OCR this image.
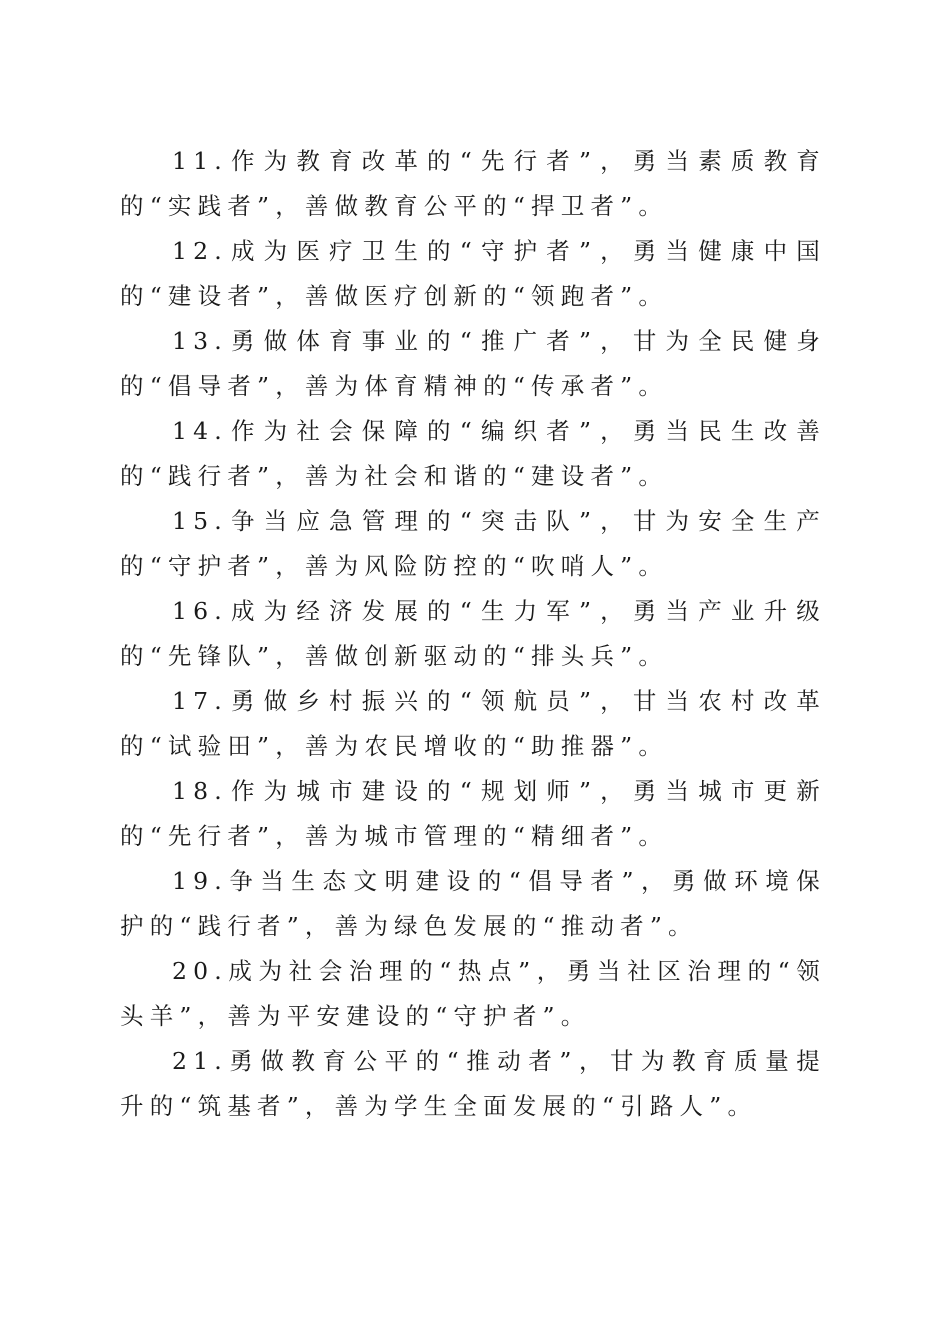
11.作为教育改革的“先行者”，勇当素质教育的“实践者”，善做教育公平的“捍卫者”。

12.成为医疗卫生的“守护者”，勇当健康中国的“建设者”，善做医疗创新的“领跑者”。

13.勇做体育事业的“推广者”，甘为全民健身的“倡导者”，善为体育精神的“传承者”。

14.作为社会保障的“编织者”，勇当民生改善的“践行者”，善为社会和谐的“建设者”。

15.争当应急管理的“突击队”，甘为安全生产的“守护者”，善为风险防控的“吹哨人”。

16.成为经济发展的“生力军”，勇当产业升级的“先锋队”，善做创新驱动的“排头兵”。

17.勇做乡村振兴的“领航员”，甘当农村改革的“试验田”，善为农民增收的“助推器”。

18.作为城市建设的“规划师”，勇当城市更新的“先行者”，善为城市管理的“精细者”。

19.争当生态文明建设的“倡导者”，勇做环境保护的“践行者”，善为绿色发展的“推动者”。

20.成为社会治理的“热点”，勇当社区治理的“领头羊”，善为平安建设的“守护者”。

21.勇做教育公平的“推动者”，甘为教育质量提升的“筑基者”，善为学生全面发展的“引路人”。
